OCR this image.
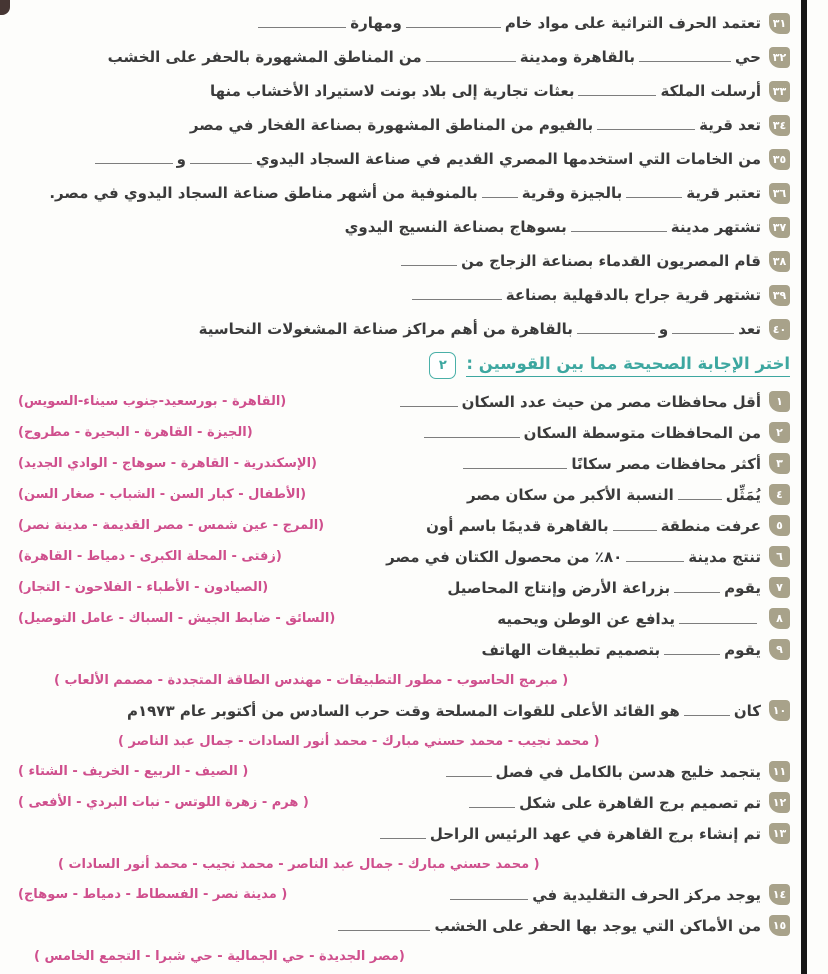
٣١
تعتمد الحرف التراثية على مواد خامومهارة
٣٢
حيبالقاهرة ومدينةمن المناطق المشهورة بالحفر على الخشب
٣٣
أرسلت الملكةبعثات تجارية إلى بلاد بونت لاستيراد الأخشاب منها
٣٤
تعد قريةبالفيوم من المناطق المشهورة بصناعة الفخار في مصر
٣٥
من الخامات التي استخدمها المصري القديم في صناعة السجاد اليدويو
٣٦
تعتبر قريةبالجيزة وقريةبالمنوفية من أشهر مناطق صناعة السجاد اليدوي في مصر.
٣٧
تشتهر مدينةبسوهاج بصناعة النسيج اليدوي
٣٨
قام المصريون القدماء بصناعة الزجاج من
٣٩
تشتهر قرية جراح بالدقهلية بصناعة
٤٠
تعدوبالقاهرة من أهم مراكز صناعة المشغولات النحاسية
اختر الإجابة الصحيحة مما بين القوسين :
٢
١
أقل محافظات مصر من حيث عدد السكان
(القاهرة - بورسعيد-جنوب سيناء-السويس)
٢
من المحافظات متوسطة السكان
(الجيزة - القاهرة - البحيرة - مطروح)
٣
أكثر محافظات مصر سكانًا
(الإسكندرية - القاهرة - سوهاج - الوادي الجديد)
٤
يُمَثِّلالنسبة الأكبر من سكان مصر
(الأطفال - كبار السن - الشباب - صغار السن)
٥
عرفت منطقةبالقاهرة قديمًا باسم أون
(المرج - عين شمس - مصر القديمة - مدينة نصر)
٦
تنتج مدينة٨٠٪ من محصول الكتان في مصر
(زفتى - المحلة الكبرى - دمياط - القاهرة)
٧
يقومبزراعة الأرض وإنتاج المحاصيل
(الصيادون - الأطباء - الفلاحون - التجار)
٨
يدافع عن الوطن ويحميه
(السائق - ضابط الجيش - السباك - عامل التوصيل)
٩
يقومبتصميم تطبيقات الهاتف
( مبرمج الحاسوب - مطور التطبيقات - مهندس الطاقة المتجددة - مصمم الألعاب )
١٠
كانهو القائد الأعلى للقوات المسلحة وقت حرب السادس من أكتوبر عام ١٩٧٣م
( محمد نجيب - محمد حسني مبارك - محمد أنور السادات - جمال عبد الناصر )
١١
يتجمد خليج هدسن بالكامل في فصل
( الصيف - الربيع - الخريف - الشتاء )
١٢
تم تصميم برج القاهرة على شكل
( هرم - زهرة اللوتس - نبات البردي - الأفعى )
١٣
تم إنشاء برج القاهرة في عهد الرئيس الراحل
( محمد حسني مبارك - جمال عبد الناصر - محمد نجيب - محمد أنور السادات )
١٤
يوجد مركز الحرف التقليدية في
( مدينة نصر - الفسطاط - دمياط - سوهاج)
١٥
من الأماكن التي يوجد بها الحفر على الخشب
( مصر الجديدة - حي الجمالية - حي شبرا - التجمع الخامس)
